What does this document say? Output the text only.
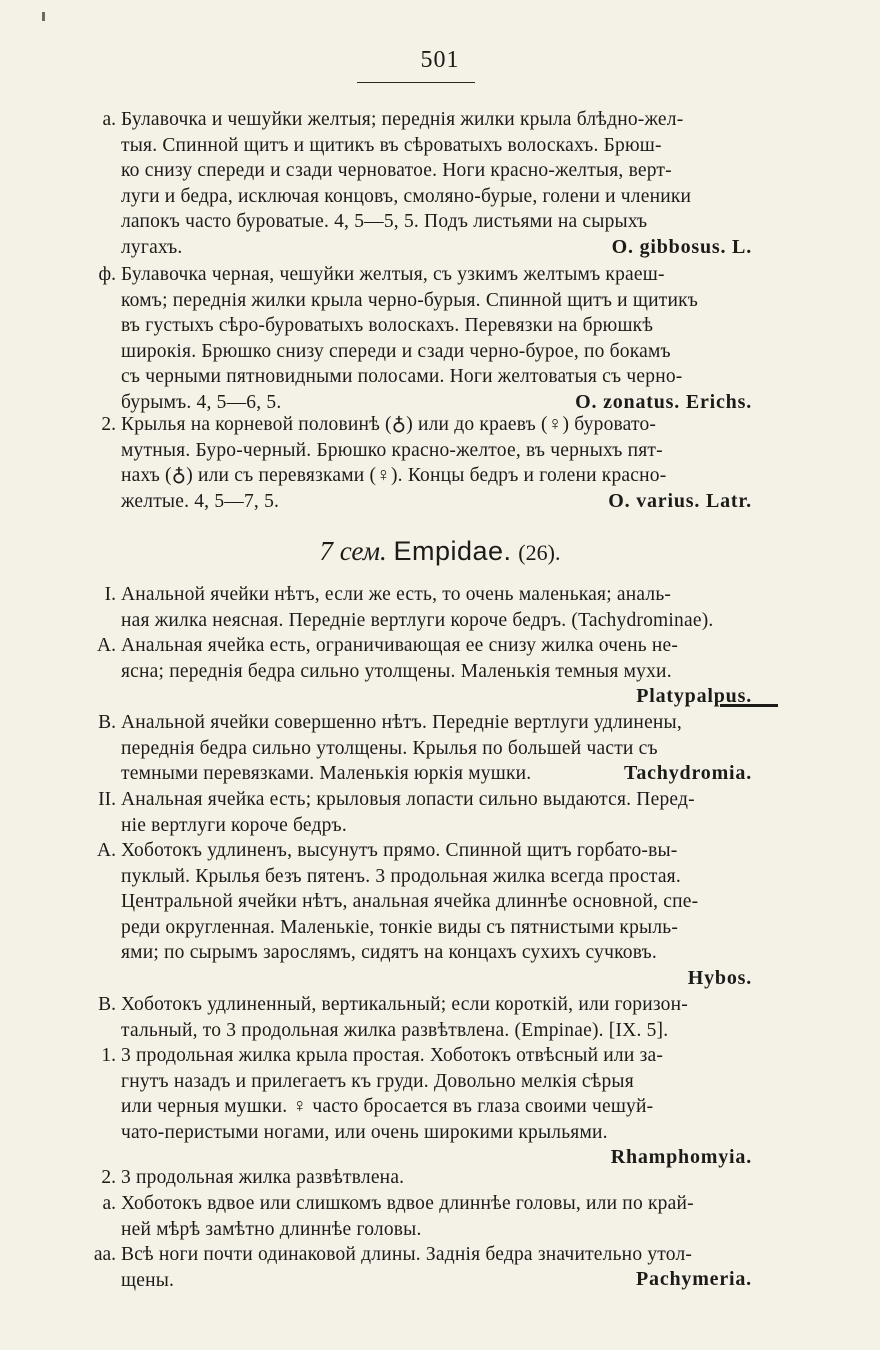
501
а. Булавочка и чешуйки желтыя; переднія жилки крыла блѣдно-жел-
тыя. Спинной щитъ и щитикъ въ сѣроватыхъ волоскахъ. Брюш-
ко снизу спереди и сзади черноватое. Ноги красно-желтыя, верт-
луги и бедра, исключая концовъ, смоляно-бурые, голени и членики
лапокъ часто буроватые. 4, 5—5, 5. Подъ листьями на сырыхъ
лугахъ.	O. gibbosus. L.
ф. Булавочка черная, чешуйки желтыя, съ узкимъ желтымъ краеш-
комъ; переднія жилки крыла черно-бурыя. Спинной щитъ и щитикъ
въ густыхъ сѣро-буроватыхъ волоскахъ. Перевязки на брюшкѣ
широкія. Брюшко снизу спереди и сзади черно-бурое, по бокамъ
съ черными пятновидными полосами. Ноги желтоватыя съ черно-
бурымъ. 4, 5—6, 5.	O. zonatus. Erichs.
2. Крылья на корневой половинѣ (♁) или до краевъ (♀) буровато-
мутныя. Буро-черный. Брюшко красно-желтое, въ черныхъ пят-
нахъ (♁) или съ перевязками (♀). Концы бедръ и голени красно-
желтые. 4, 5—7, 5.	O. varius. Latr.
7 сем. Empidae. (26).
I. Анальной ячейки нѣтъ, если же есть, то очень маленькая; аналь-
ная жилка неясная. Передніе вертлуги короче бедръ. (Tachydrominae).
А. Анальная ячейка есть, ограничивающая ее снизу жилка очень не-
ясна; переднія бедра сильно утолщены. Маленькія темныя мухи.
Platypalpus.
В. Анальной ячейки совершенно нѣтъ. Передніе вертлуги удлинены,
переднія бедра сильно утолщены. Крылья по большей части съ
темными перевязками. Маленькія юркія мушки.	Tachydromia.
II. Анальная ячейка есть; крыловыя лопасти сильно выдаются. Перед-
ніе вертлуги короче бедръ.
А. Хоботокъ удлиненъ, высунутъ прямо. Спинной щитъ горбато-вы-
пуклый. Крылья безъ пятенъ. 3 продольная жилка всегда простая.
Центральной ячейки нѣтъ, анальная ячейка длиннѣе основной, спе-
реди округленная. Маленькіе, тонкіе виды съ пятнистыми крыль-
ями; по сырымъ зарослямъ, сидятъ на концахъ сухихъ сучковъ.
Hybos.
В. Хоботокъ удлиненный, вертикальный; если короткій, или горизон-
тальный, то 3 продольная жилка развѣтвлена. (Empinae). [IX. 5].
1. 3 продольная жилка крыла простая. Хоботокъ отвѣсный или за-
гнутъ назадъ и прилегаетъ къ груди. Довольно мелкія сѣрыя
или черныя мушки. ♀ часто бросается въ глаза своими чешуй-
чато-перистыми ногами, или очень широкими крыльями.
Rhamphomyia.
2. 3 продольная жилка развѣтвлена.
а. Хоботокъ вдвое или слишкомъ вдвое длиннѣе головы, или по край-
ней мѣрѣ замѣтно длиннѣе головы.
аа. Всѣ ноги почти одинаковой длины. Заднія бедра значительно утол-
щены.	Pachymeria.
